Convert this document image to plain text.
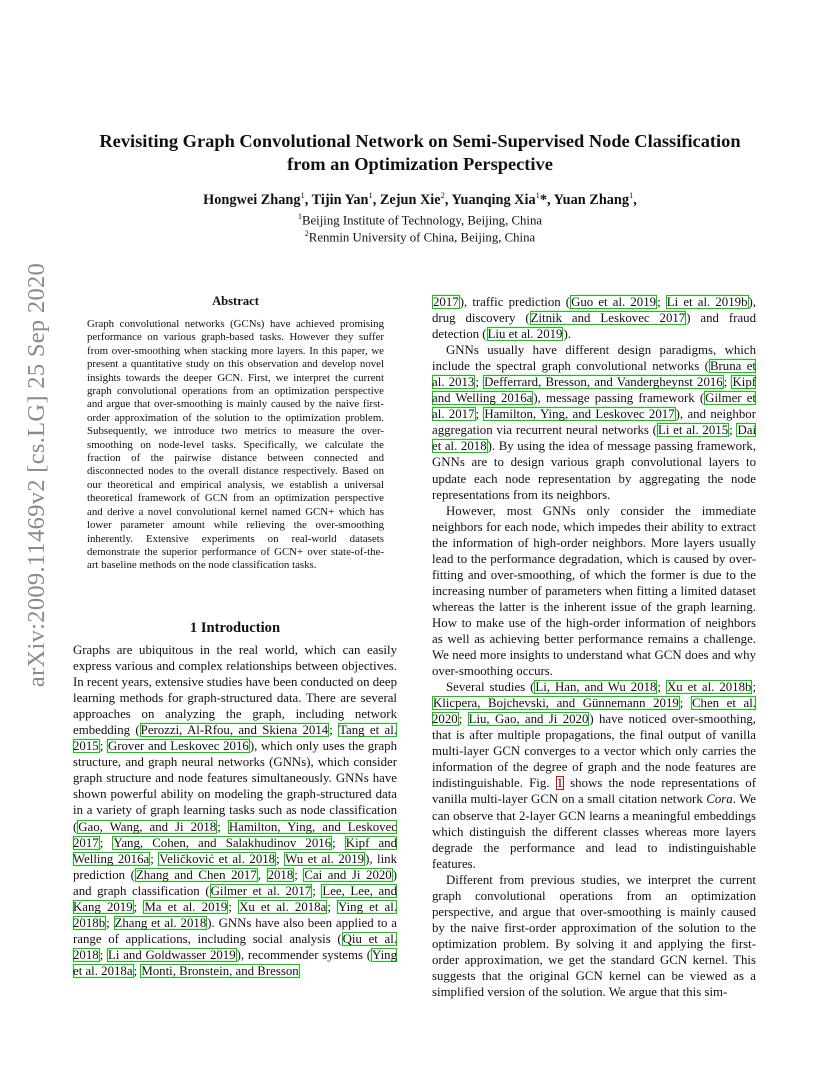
arXiv:2009.11469v2 [cs.LG] 25 Sep 2020
Revisiting Graph Convolutional Network on Semi-Supervised Node Classification
from an Optimization Perspective
Hongwei Zhang$^1$, Tijin Yan$^1$, Zejun Xie$^2$, Yuanqing Xia$^1$*, Yuan Zhang$^1$,
$^1$Beijing Institute of Technology, Beijing, China
$^2$Renmin University of China, Beijing, China
Abstract
Graph convolutional networks (GCNs) have achieved promising performance on various graph-based tasks. However they suffer from over-smoothing when stacking more layers. In this paper, we present a quantitative study on this observation and develop novel insights towards the deeper GCN. First, we interpret the current graph convolutional operations from an optimization perspective and argue that over-smoothing is mainly caused by the naive first-order approximation of the solution to the optimization problem. Subsequently, we introduce two metrics to measure the over-smoothing on node-level tasks. Specifically, we calculate the fraction of the pairwise distance between connected and disconnected nodes to the overall distance respectively. Based on our theoretical and empirical analysis, we establish a universal theoretical framework of GCN from an optimization perspective and derive a novel convolutional kernel named GCN+ which has lower parameter amount while relieving the over-smoothing inherently. Extensive experiments on real-world datasets demonstrate the superior performance of GCN+ over state-of-the-art baseline methods on the node classification tasks.
1 Introduction

Graphs are ubiquitous in the real world, which can easily express various and complex relationships between objectives. In recent years, extensive studies have been conducted on deep learning methods for graph-structured data. There are several approaches on analyzing the graph, including network embedding (Perozzi, Al-Rfou, and Skiena 2014; Tang et al. 2015; Grover and Leskovec 2016), which only uses the graph structure, and graph neural networks (GNNs), which consider graph structure and node features simultaneously. GNNs have shown powerful ability on modeling the graph-structured data in a variety of graph learning tasks such as node classification (Gao, Wang, and Ji 2018; Hamilton, Ying, and Leskovec 2017; Yang, Cohen, and Salakhudinov 2016; Kipf and Welling 2016a; Veličković et al. 2018; Wu et al. 2019), link prediction (Zhang and Chen 2017, 2018; Cai and Ji 2020) and graph classification (Gilmer et al. 2017; Lee, Lee, and Kang 2019; Ma et al. 2019; Xu et al. 2018a; Ying et al. 2018b; Zhang et al. 2018). GNNs have also been applied to a range of applications, including social analysis (Qiu et al. 2018; Li and Goldwasser 2019), recommender systems (Ying et al. 2018a; Monti, Bronstein, and Bresson

2017), traffic prediction (Guo et al. 2019; Li et al. 2019b), drug discovery (Zitnik and Leskovec 2017) and fraud detection (Liu et al. 2019).

GNNs usually have different design paradigms, which include the spectral graph convolutional networks (Bruna et al. 2013; Defferrard, Bresson, and Vandergheynst 2016; Kipf and Welling 2016a), message passing framework (Gilmer et al. 2017; Hamilton, Ying, and Leskovec 2017), and neighbor aggregation via recurrent neural networks (Li et al. 2015; Dai et al. 2018). By using the idea of message passing framework, GNNs are to design various graph convolutional layers to update each node representation by aggregating the node representations from its neighbors.

However, most GNNs only consider the immediate neighbors for each node, which impedes their ability to extract the information of high-order neighbors. More layers usually lead to the performance degradation, which is caused by over-fitting and over-smoothing, of which the former is due to the increasing number of parameters when fitting a limited dataset whereas the latter is the inherent issue of the graph learning. How to make use of the high-order information of neighbors as well as achieving better performance remains a challenge. We need more insights to understand what GCN does and why over-smoothing occurs.

Several studies (Li, Han, and Wu 2018; Xu et al. 2018b; Klicpera, Bojchevski, and Günnemann 2019; Chen et al. 2020; Liu, Gao, and Ji 2020) have noticed over-smoothing, that is after multiple propagations, the final output of vanilla multi-layer GCN converges to a vector which only carries the information of the degree of graph and the node features are indistinguishable. Fig. 1 shows the node representations of vanilla multi-layer GCN on a small citation network Cora. We can observe that 2-layer GCN learns a meaningful embeddings which distinguish the different classes whereas more layers degrade the performance and lead to indistinguishable features.

Different from previous studies, we interpret the current graph convolutional operations from an optimization perspective, and argue that over-smoothing is mainly caused by the naive first-order approximation of the solution to the optimization problem. By solving it and applying the first-order approximation, we get the standard GCN kernel. This suggests that the original GCN kernel can be viewed as a simplified version of the solution. We argue that this sim-
